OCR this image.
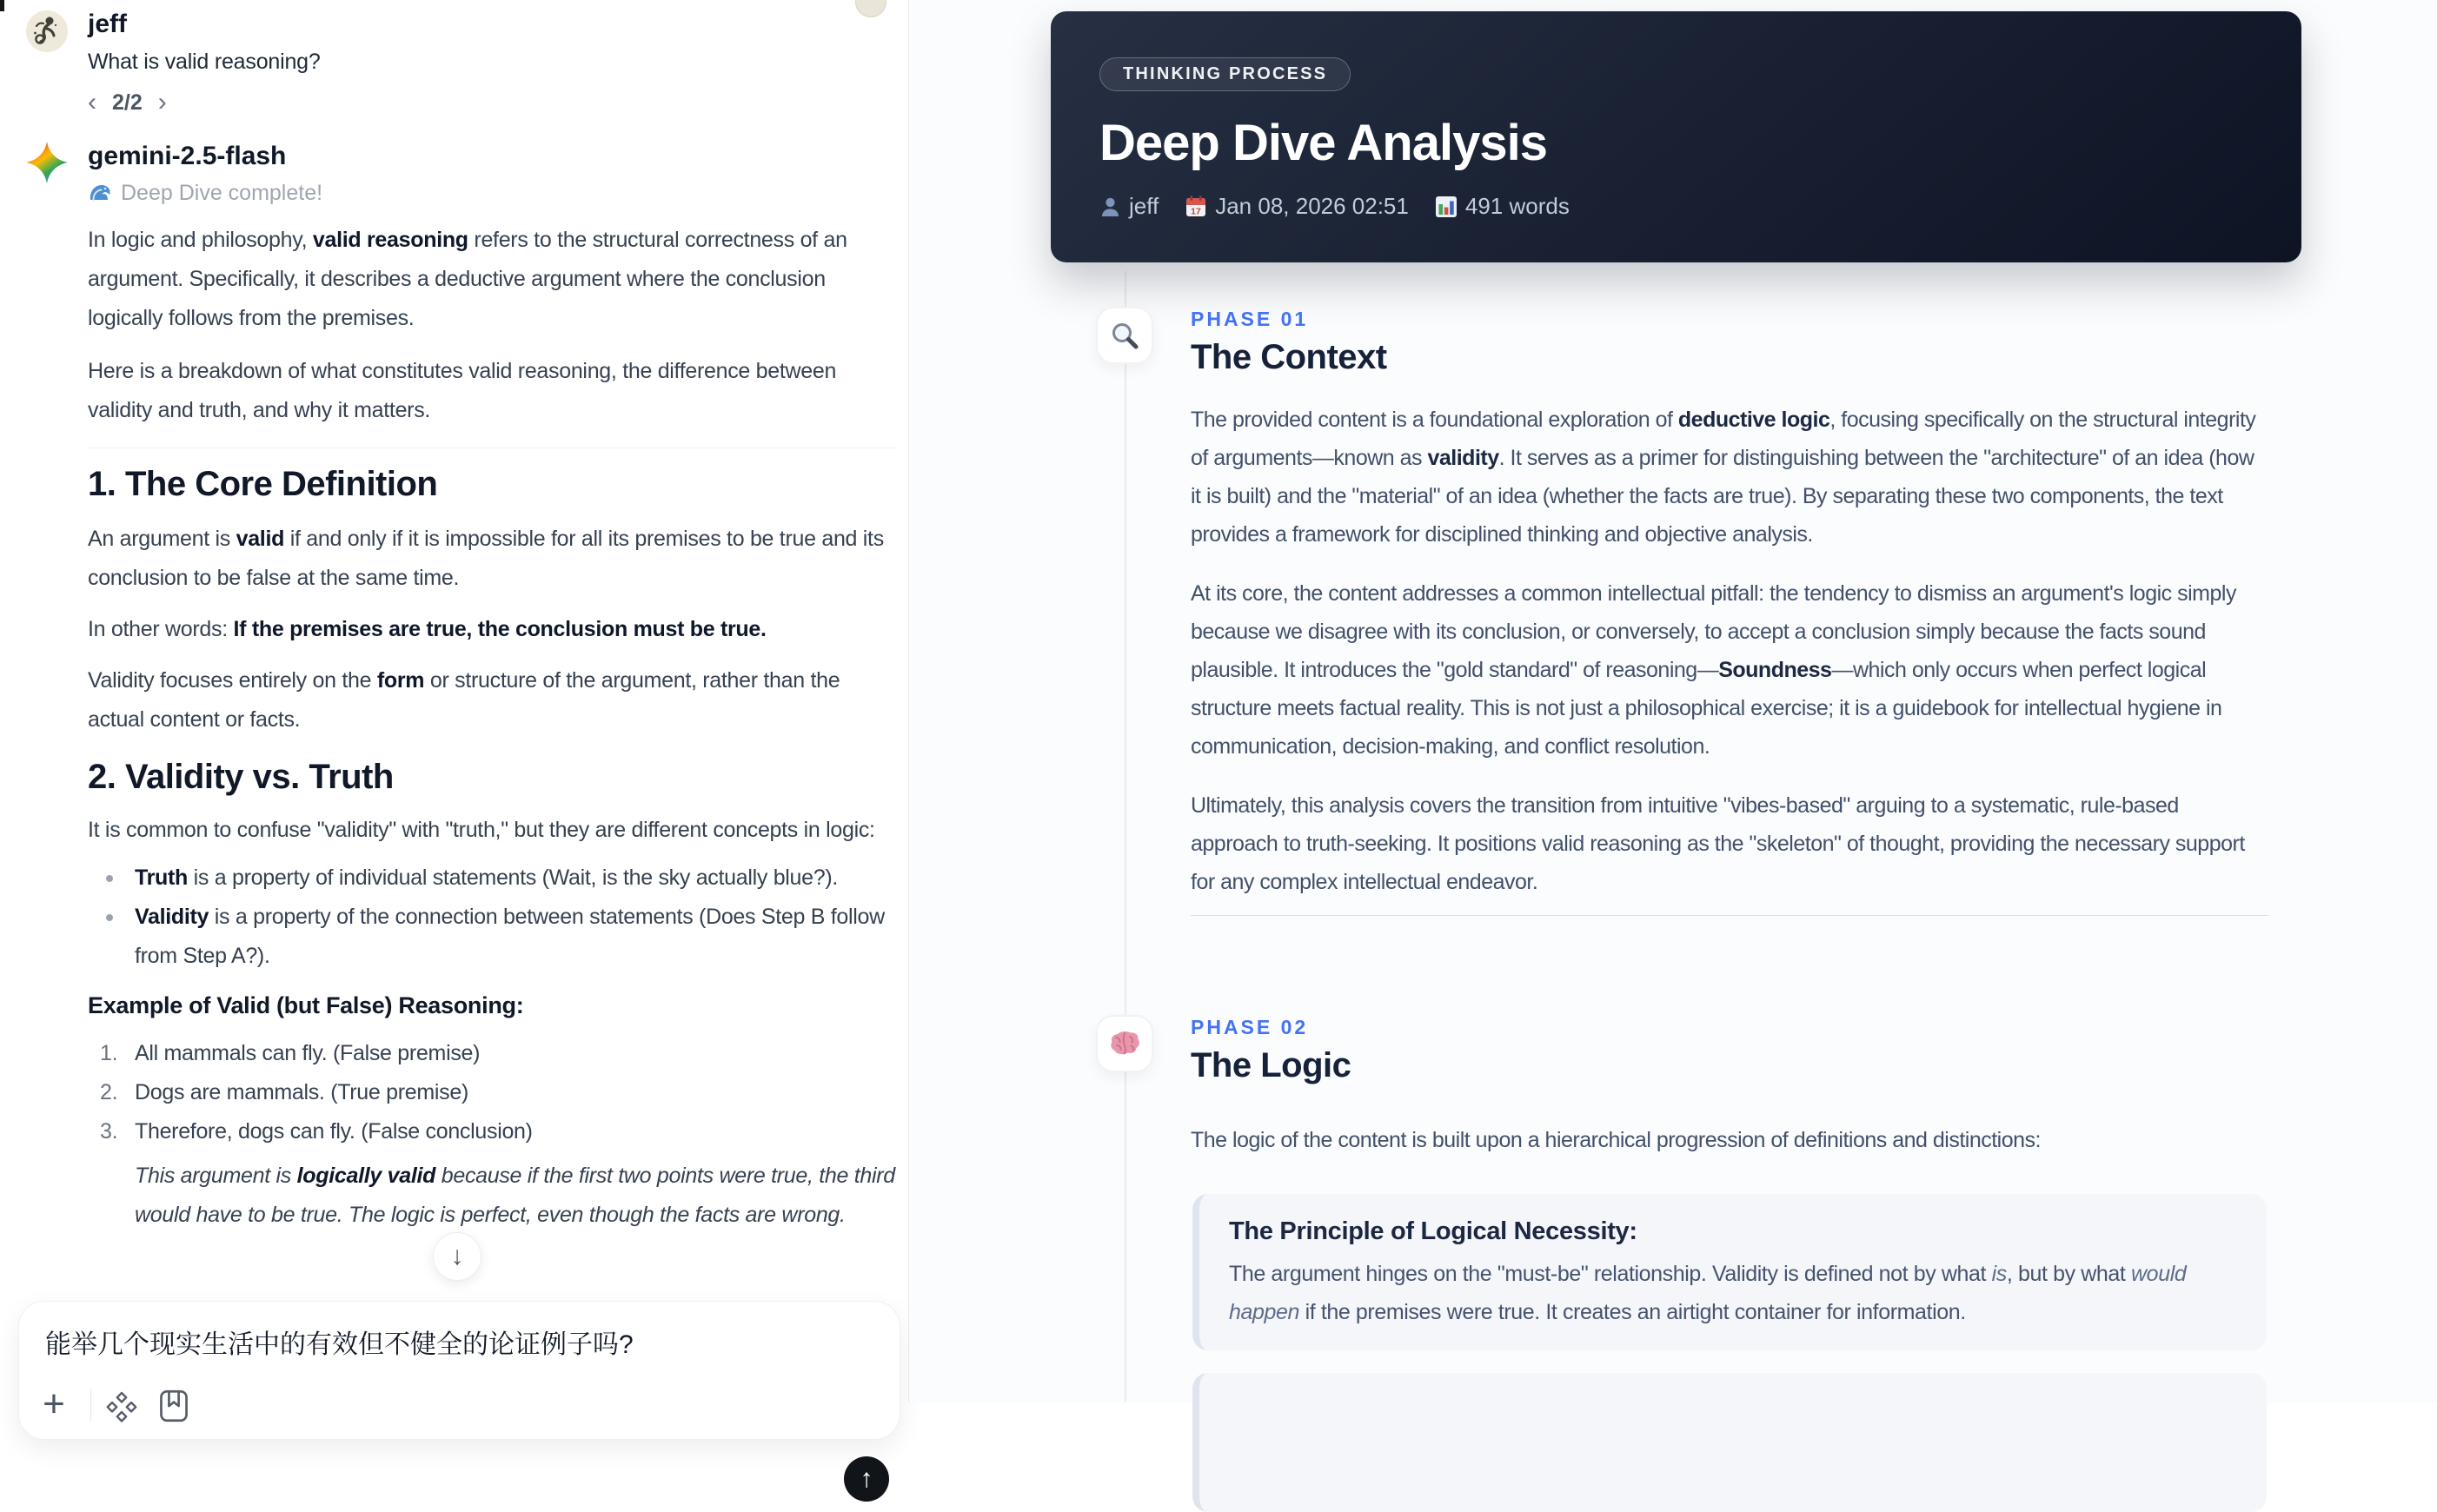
jeff
What is valid reasoning?
‹ 2/2 ›
gemini-2.5-flash
Deep Dive complete!

In logic and philosophy, valid reasoning refers to the structural correctness of an argument. Specifically, it describes a deductive argument where the conclusion logically follows from the premises.

Here is a breakdown of what constitutes valid reasoning, the difference between validity and truth, and why it matters.

1. The Core Definition

An argument is valid if and only if it is impossible for all its premises to be true and its conclusion to be false at the same time.

In other words: If the premises are true, the conclusion must be true.

Validity focuses entirely on the form or structure of the argument, rather than the actual content or facts.

2. Validity vs. Truth

It is common to confuse "validity" with "truth," but they are different concepts in logic:

Truth is a property of individual statements (Wait, is the sky actually blue?).
Validity is a property of the connection between statements (Does Step B follow from Step A?).

Example of Valid (but False) Reasoning:

1. All mammals can fly. (False premise)
2. Dogs are mammals. (True premise)
3. Therefore, dogs can fly. (False conclusion)

This argument is logically valid because if the first two points were true, the third would have to be true. The logic is perfect, even though the facts are wrong.

↓
能举几个现实生活中的有效但不健全的论证例子吗?
+
↑
THINKING PROCESS
Deep Dive Analysis
jeff	17 Jan 08, 2026 02:51	491 words
PHASE 01
The Context

The provided content is a foundational exploration of deductive logic, focusing specifically on the structural integrity of arguments—known as validity. It serves as a primer for distinguishing between the "architecture" of an idea (how it is built) and the "material" of an idea (whether the facts are true). By separating these two components, the text provides a framework for disciplined thinking and objective analysis.

At its core, the content addresses a common intellectual pitfall: the tendency to dismiss an argument's logic simply because we disagree with its conclusion, or conversely, to accept a conclusion simply because the facts sound plausible. It introduces the "gold standard" of reasoning—Soundness—which only occurs when perfect logical structure meets factual reality. This is not just a philosophical exercise; it is a guidebook for intellectual hygiene in communication, decision-making, and conflict resolution.

Ultimately, this analysis covers the transition from intuitive "vibes-based" arguing to a systematic, rule-based approach to truth-seeking. It positions valid reasoning as the "skeleton" of thought, providing the necessary support for any complex intellectual endeavor.

PHASE 02
The Logic

The logic of the content is built upon a hierarchical progression of definitions and distinctions:

The Principle of Logical Necessity:
The argument hinges on the "must-be" relationship. Validity is defined not by what is, but by what would happen if the premises were true. It creates an airtight container for information.
